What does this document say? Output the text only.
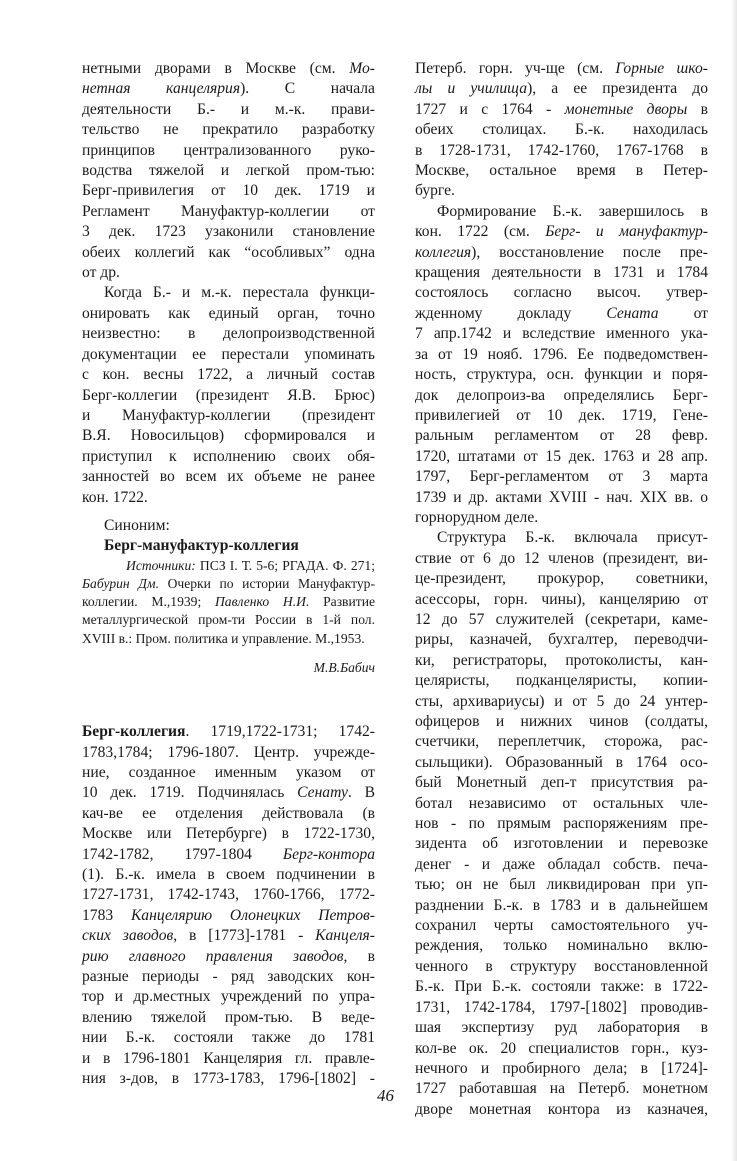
нетными дворами в Москве (см. Мо-
нетная канцелярия). С начала
деятельности Б.- и м.-к. прави-
тельство не прекратило разработку
принципов централизованного руко-
водства тяжелой и легкой пром-тью:
Берг-привилегия от 10 дек. 1719 и
Регламент Мануфактур-коллегии от
3 дек. 1723 узаконили становление
обеих коллегий как “особливых” одна
от др.

Когда Б.- и м.-к. перестала функци-
онировать как единый орган, точно
неизвестно: в делопроизводственной
документации ее перестали упоминать
с кон. весны 1722, а личный состав
Берг-коллегии (президент Я.В. Брюс)
и Мануфактур-коллегии (президент
В.Я. Новосильцов) сформировался и
приступил к исполнению своих обя-
занностей во всем их объеме не ранее
кон. 1722.

Синоним:
Берг-мануфактур-коллегия

Источники: ПСЗ I. Т. 5-6; РГАДА. Ф. 271; Бабурин Дм. Очерки по истории Мануфактур-коллегии. М.,1939; Павленко Н.И. Развитие металлургической пром-ти России в 1-й пол. XVIII в.: Пром. политика и управление. М.,1953.

М.В.Бабич

Берг-коллегия. 1719,1722-1731; 1742-
1783,1784; 1796-1807. Центр. учрежде-
ние, созданное именным указом от
10 дек. 1719. Подчинялась Сенату. В
кач-ве ее отделения действовала (в
Москве или Петербурге) в 1722-1730,
1742-1782, 1797-1804 Берг-контора
(1). Б.-к. имела в своем подчинении в
1727-1731, 1742-1743, 1760-1766, 1772-
1783 Канцелярию Олонецких Петров-
ских заводов, в [1773]-1781 - Канцеля-
рию главного правления заводов, в
разные периоды - ряд заводских кон-
тор и др.местных учреждений по упра-
влению тяжелой пром-тью. В веде-
нии Б.-к. состояли также до 1781
и в 1796-1801 Канцелярия гл. правле-
ния з-дов, в 1773-1783, 1796-[1802] -

Петерб. горн. уч-ще (см. Горные шко-
лы и училища), а ее президента до
1727 и с 1764 - монетные дворы в
обеих столицах. Б.-к. находилась
в 1728-1731, 1742-1760, 1767-1768 в
Москве, остальное время в Петер-
бурге.

Формирование Б.-к. завершилось в
кон. 1722 (см. Берг- и мануфактур-
коллегия), восстановление после пре-
кращения деятельности в 1731 и 1784
состоялось согласно высоч. утвер-
жденному докладу Сената от
7 апр.1742 и вследствие именного ука-
за от 19 нояб. 1796. Ее подведомствен-
ность, структура, осн. функции и поря-
док делопроиз-ва определялись Берг-
привилегией от 10 дек. 1719, Гене-
ральным регламентом от 28 февр.
1720, штатами от 15 дек. 1763 и 28 апр.
1797, Берг-регламентом от 3 марта
1739 и др. актами XVIII - нач. XIX вв. о
горнорудном деле.

Структура Б.-к. включала присут-
ствие от 6 до 12 членов (президент, ви-
це-президент, прокурор, советники,
асессоры, горн. чины), канцелярию от
12 до 57 служителей (секретари, каме-
риры, казначей, бухгалтер, переводчи-
ки, регистраторы, протоколисты, кан-
целяристы, подканцеляристы, копии-
сты, архивариусы) и от 5 до 24 унтер-
офицеров и нижних чинов (солдаты,
счетчики, переплетчик, сторожа, рас-
сыльщики). Образованный в 1764 осо-
бый Монетный деп-т присутствия ра-
ботал независимо от остальных чле-
нов - по прямым распоряжениям пре-
зидента об изготовлении и перевозке
денег - и даже обладал собств. печа-
тью; он не был ликвидирован при уп-
разднении Б.-к. в 1783 и в дальнейшем
сохранил черты самостоятельного уч-
реждения, только номинально вклю-
ченного в структуру восстановленной
Б.-к. При Б.-к. состояли также: в 1722-
1731, 1742-1784, 1797-[1802] проводив-
шая экспертизу руд лаборатория в
кол-ве ок. 20 специалистов горн., куз-
нечного и пробирного дела; в [1724]-
1727 работавшая на Петерб. монетном
дворе монетная контора из казначея,

46
